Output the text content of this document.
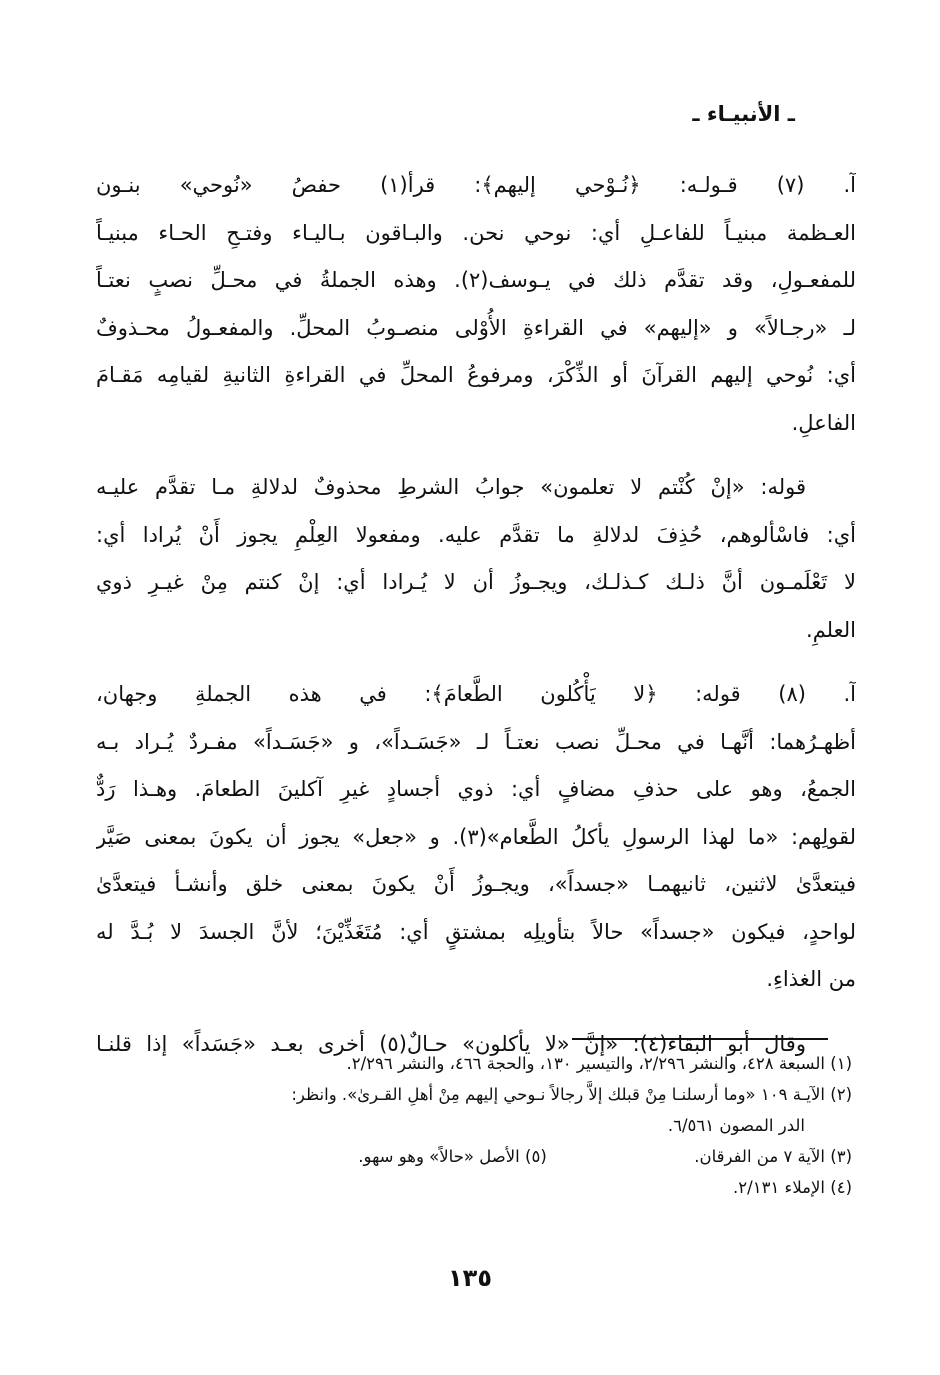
ـ الأنبيـاء ـ
آ. (٧) قـولـه: ﴿نُـوْحي إليهم﴾: قرأ(١) حفصُ «نُوحي» بنـون
العـظمة مبنيـاً للفاعـلِ أي: نوحي نحن. والبـاقون بـاليـاء وفتـحِ الحـاء مبنيـاً
للمفعـولِ، وقد تقدَّم ذلك في يـوسف(٢). وهذه الجملةُ في محـلِّ نصبٍ نعتـاً
لـ «رجـالاً» و «إليهم» في القراءةِ الأُوْلى منصـوبُ المحلِّ. والمفعـولُ محـذوفٌ
أي: نُوحي إليهم القرآنَ أو الذِّكْرَ، ومرفوعُ المحلِّ في القراءةِ الثانيةِ لقيامِه مَقـامَ
الفاعلِ.
قوله: «إنْ كُنْتم لا تعلمون» جوابُ الشرطِ محذوفٌ لدلالةِ مـا تقدَّم عليـه
أي: فاسْألوهم، حُذِفَ لدلالةِ ما تقدَّم عليه. ومفعولا العِلْمِ يجوز أَنْ يُرادا أي:
لا تَعْلَمـون أنَّ ذلـك كـذلـك، ويجـوزُ أن لا يُـرادا أي: إنْ كنتم مِنْ غيـرِ ذوي
العلمِ.
آ. (٨) قوله: ﴿لا يَأْكُلون الطَّعامَ﴾: في هذه الجملةِ وجهان،
أظهـرُهما: أنَّهـا في محـلِّ نصب نعتـاً لـ «جَسَـداً»، و «جَسَـداً» مفـردٌ يُـراد بـه
الجمعُ، وهو على حذفِ مضافٍ أي: ذوي أجسادٍ غيرِ آكلينَ الطعامَ. وهـذا رَدٌّ
لقولِهم: «ما لهذا الرسولِ يأكلُ الطَّعام»(٣). و «جعل» يجوز أن يكونَ بمعنى صَيَّر
فيتعدَّىٰ لاثنين، ثانيهمـا «جسداً»، ويجـوزُ أَنْ يكونَ بمعنى خلق وأنشـأ فيتعدَّىٰ
لواحدٍ، فيكون «جسداً» حالاً بتأويلِه بمشتقٍ أي: مُتَغَذِّيْنَ؛ لأنَّ الجسدَ لا بُـدَّ له
من الغذاءِ.
وقال أبو البقاء(٤): «إنَّ «لا يأكلون» حـالٌ(٥) أخرى بعـد «جَسَداً» إذا قلنـا
(١) السبعة ٤٢٨، والنشر ٢/٢٩٦، والتيسير ١٣٠، والحجة ٤٦٦، والنشر ٢/٢٩٦.
(٢) الآيـة ١٠٩ «وما أرسلنـا مِنْ قبلك إلاَّ رجالاً نـوحي إليهم مِنْ أهلِ القـرىٰ». وانظر:
الدر المصون ٦/٥٦١.
(٣) الآية ٧ من الفرقان. (٥) الأصل «حالاً» وهو سهو.
(٤) الإملاء ٢/١٣١.
١٣٥
